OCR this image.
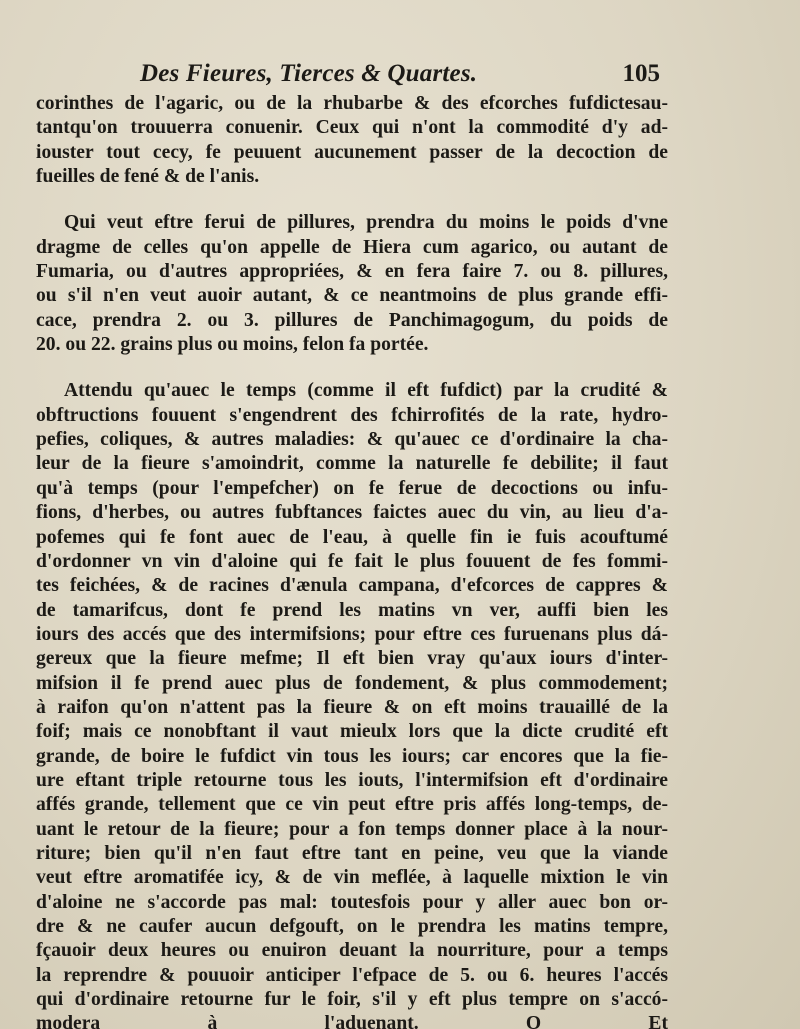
Des Fieures, Tierces & Quartes.	105
corinthes de l'agaric, ou de la rhubarbe & des efcorches fufdictesau-
tantqu'on trouuerra conuenir. Ceux qui n'ont la commodité d'y ad-
iouster tout cecy, fe peuuent aucunement passer de la decoction de
fueilles de fené & de l'anis.
Qui veut eftre ferui de pillures, prendra du moins le poids d'vne
dragme de celles qu'on appelle de Hiera cum agarico, ou autant de
Fumaria, ou d'autres appropriées, & en fera faire 7. ou 8. pillures,
ou s'il n'en veut auoir autant, & ce neantmoins de plus grande effi-
cace, prendra 2. ou 3. pillures de Panchimagogum, du poids de
20. ou 22. grains plus ou moins, felon fa portée.
Attendu qu'auec le temps (comme il eft fufdict) par la crudité &
obftructions fouuent s'engendrent des fchirrofités de la rate, hydro-
pefies, coliques, & autres maladies: & qu'auec ce d'ordinaire la cha-
leur de la fieure s'amoindrit, comme la naturelle fe debilite; il faut
qu'à temps (pour l'empefcher) on fe ferue de decoctions ou infu-
fions, d'herbes, ou autres fubftances faictes auec du vin, au lieu d'a-
pofemes qui fe font auec de l'eau, à quelle fin ie fuis acouftumé
d'ordonner vn vin d'aloine qui fe fait le plus fouuent de fes fommi-
tes feichées, & de racines d'ænula campana, d'efcorces de cappres &
de tamarifcus, dont fe prend les matins vn ver, auffi bien les
iours des accés que des intermifsions; pour eftre ces furuenans plus dá-
gereux que la fieure mefme; Il eft bien vray qu'aux iours d'inter-
mifsion il fe prend auec plus de fondement, & plus commodement;
à raifon qu'on n'attent pas la fieure & on eft moins trauaillé de la
foif; mais ce nonobftant il vaut mieulx lors que la dicte crudité eft
grande, de boire le fufdict vin tous les iours; car encores que la fie-
ure eftant triple retourne tous les iouts, l'intermifsion eft d'ordinaire
affés grande, tellement que ce vin peut eftre pris affés long-temps, de-
uant le retour de la fieure; pour a fon temps donner place à la nour-
riture; bien qu'il n'en faut eftre tant en peine, veu que la viande
veut eftre aromatifée icy, & de vin meflée, à laquelle mixtion le vin
d'aloine ne s'accorde pas mal: toutesfois pour y aller auec bon or-
dre & ne caufer aucun defgouft, on le prendra les matins tempre,
fçauoir deux heures ou enuiron deuant la nourriture, pour a temps
la reprendre & pouuoir anticiper l'efpace de 5. ou 6. heures l'accés
qui d'ordinaire retourne fur le foir, s'il y eft plus tempre on s'accó-
modera à l'aduenant. O Et
